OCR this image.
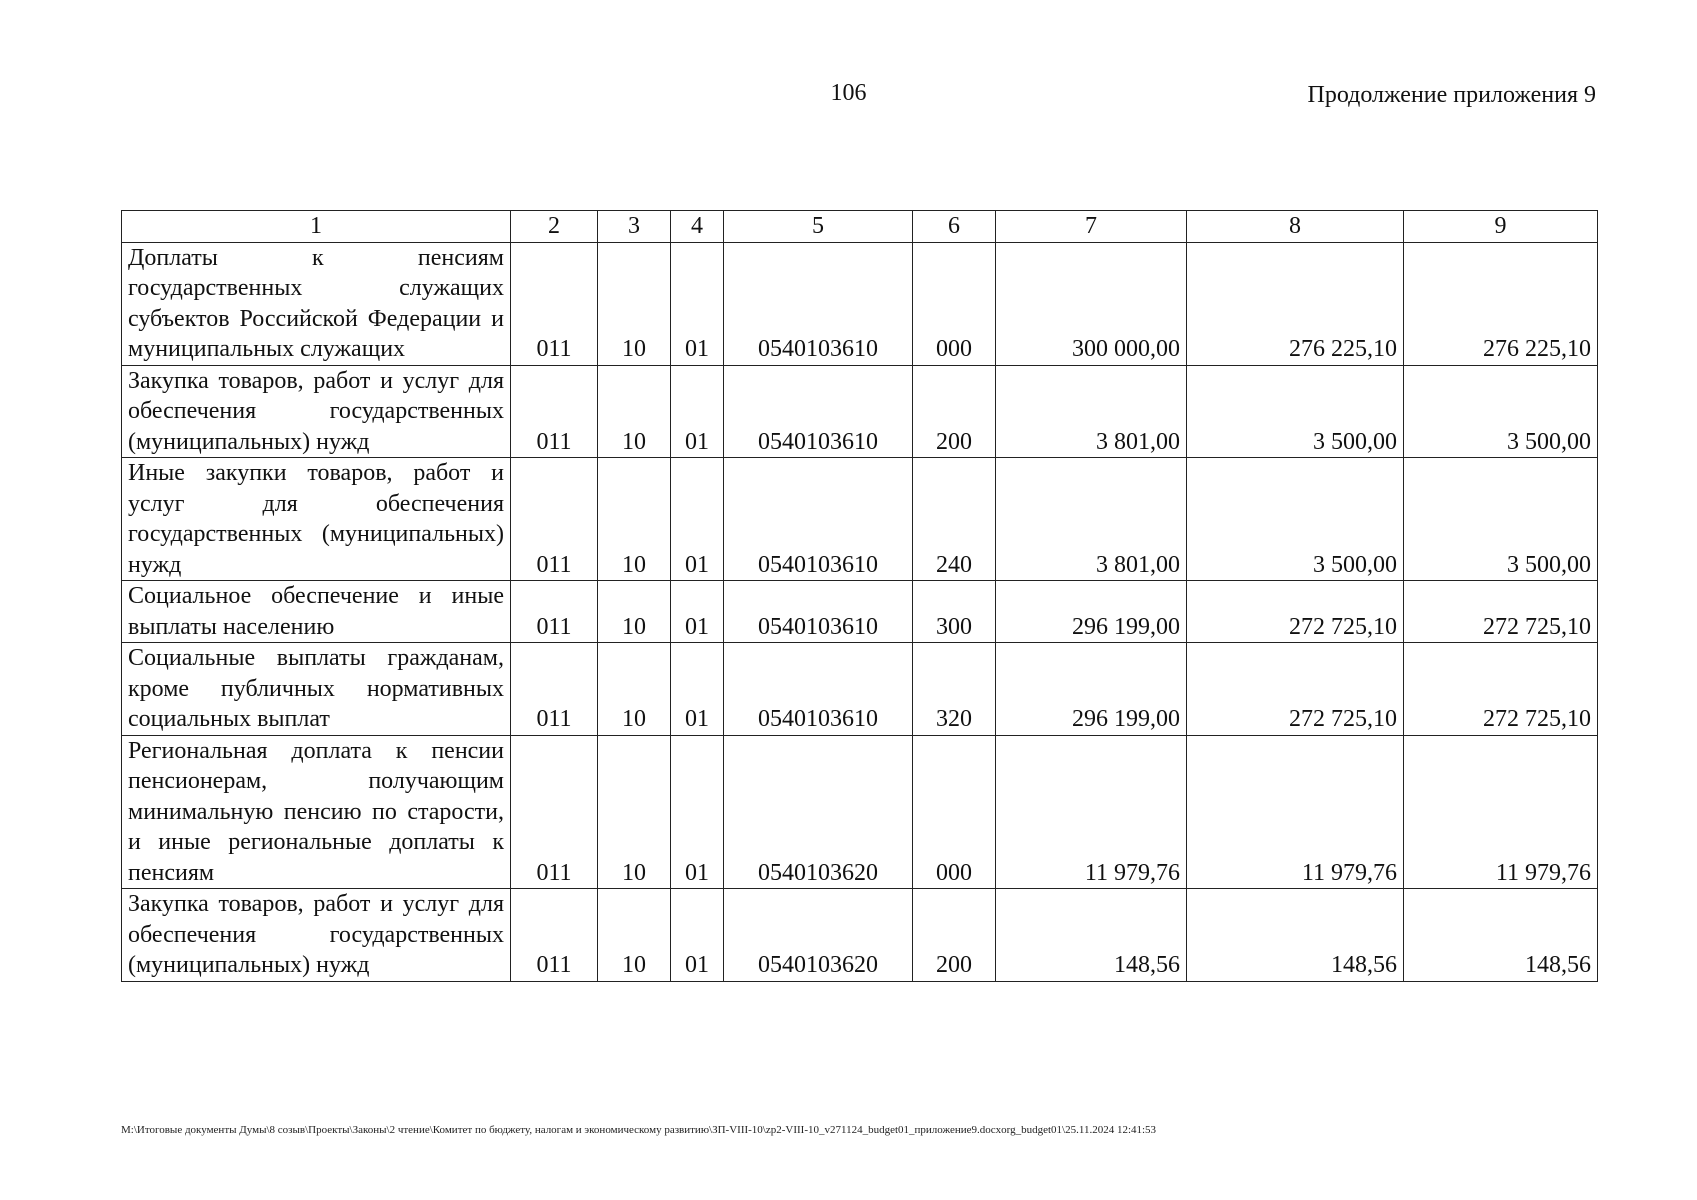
106	Продолжение приложения 9
1	2	3	4	5	6	7	8	9
Доплаты к пенсиям государственных служащих субъектов Российской Федерации и муниципальных служащих	011	10	01	0540103610	000	300 000,00	276 225,10	276 225,10
Закупка товаров, работ и услуг для обеспечения государственных (муниципальных) нужд	011	10	01	0540103610	200	3 801,00	3 500,00	3 500,00
Иные закупки товаров, работ и услуг для обеспечения государственных (муниципальных) нужд	011	10	01	0540103610	240	3 801,00	3 500,00	3 500,00
Социальное обеспечение и иные выплаты населению	011	10	01	0540103610	300	296 199,00	272 725,10	272 725,10
Социальные выплаты гражданам, кроме публичных нормативных социальных выплат	011	10	01	0540103610	320	296 199,00	272 725,10	272 725,10
Региональная доплата к пенсии пенсионерам, получающим минимальную пенсию по старости, и иные региональные доплаты к пенсиям	011	10	01	0540103620	000	11 979,76	11 979,76	11 979,76
Закупка товаров, работ и услуг для обеспечения государственных (муниципальных) нужд	011	10	01	0540103620	200	148,56	148,56	148,56
M:\Итоговые документы Думы\8 созыв\Проекты\Законы\2 чтение\Комитет по бюджету, налогам и экономическому развитию\ЗП-VIII-10\zp2-VIII-10_v271124_budget01_приложение9.docxorg_budget01\25.11.2024 12:41:53
